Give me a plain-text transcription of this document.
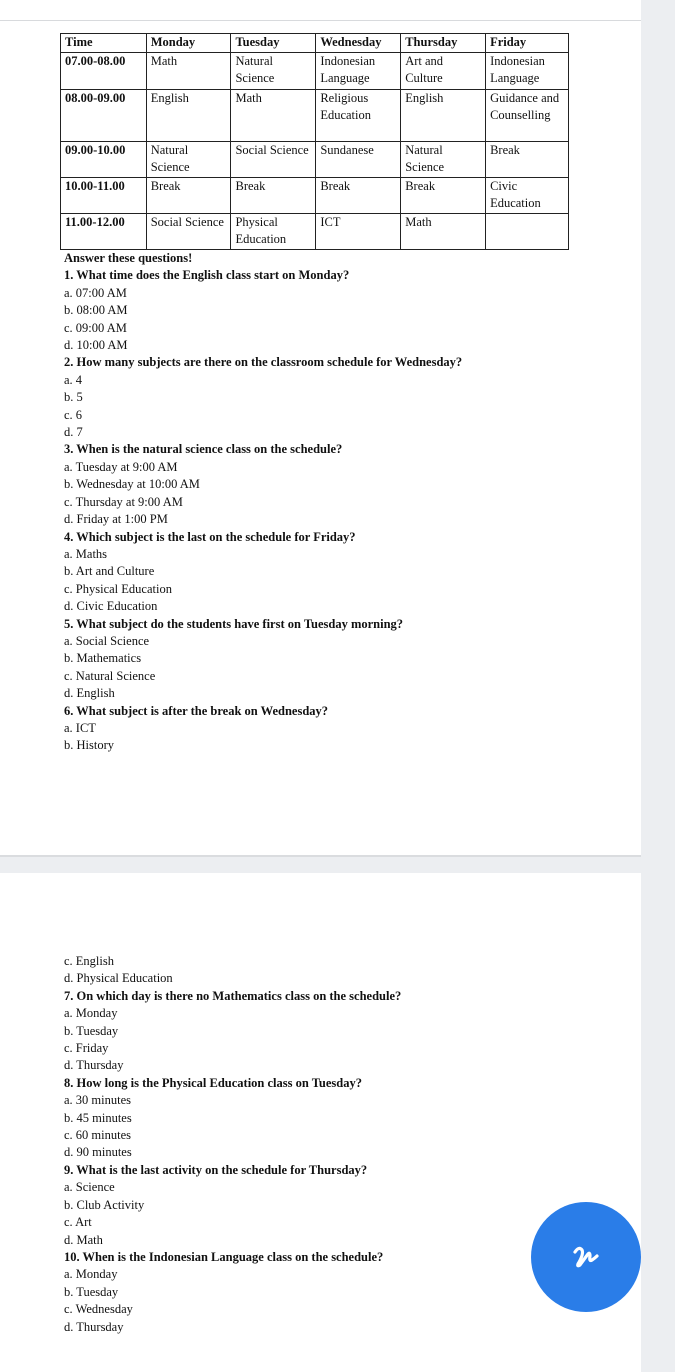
Time	Monday	Tuesday	Wednesday	Thursday	Friday
07.00-08.00	Math	Natural Science	Indonesian Language	Art and Culture	Indonesian Language
08.00-09.00	English	Math	Religious Education	English	Guidance and Counselling
09.00-10.00	Natural Science	Social Science	Sundanese	Natural Science	Break
10.00-11.00	Break	Break	Break	Break	Civic Education
11.00-12.00	Social Science	Physical Education	ICT	Math	
Answer these questions!
1. What time does the English class start on Monday?
a. 07:00 AM
b. 08:00 AM
c. 09:00 AM
d. 10:00 AM
2. How many subjects are there on the classroom schedule for Wednesday?
a. 4
b. 5
c. 6
d. 7
3. When is the natural science class on the schedule?
a. Tuesday at 9:00 AM
b. Wednesday at 10:00 AM
c. Thursday at 9:00 AM
d. Friday at 1:00 PM
4. Which subject is the last on the schedule for Friday?
a. Maths
b. Art and Culture
c. Physical Education
d. Civic Education
5. What subject do the students have first on Tuesday morning?
a. Social Science
b. Mathematics
c. Natural Science
d. English
6. What subject is after the break on Wednesday?
a. ICT
b. History
c. English
d. Physical Education
7. On which day is there no Mathematics class on the schedule?
a. Monday
b. Tuesday
c. Friday
d. Thursday
8. How long is the Physical Education class on Tuesday?
a. 30 minutes
b. 45 minutes
c. 60 minutes
d. 90 minutes
9. What is the last activity on the schedule for Thursday?
a. Science
b. Club Activity
c. Art
d. Math
10. When is the Indonesian Language class on the schedule?
a. Monday
b. Tuesday
c. Wednesday
d. Thursday
